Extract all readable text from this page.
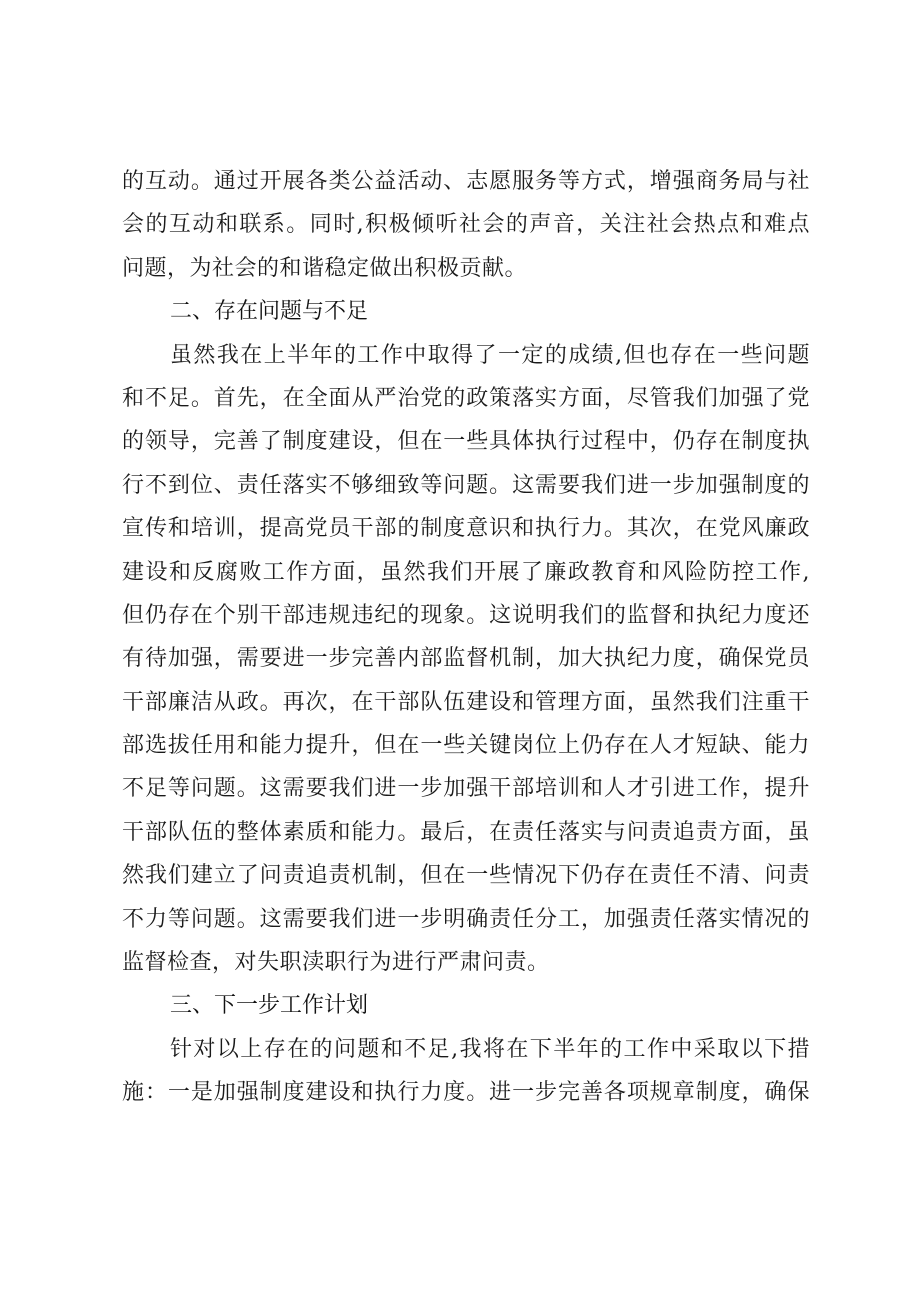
的互动。通过开展各类公益活动、志愿服务等方式，增强商务局与社
会的互动和联系。同时,积极倾听社会的声音，关注社会热点和难点
问题，为社会的和谐稳定做出积极贡献。
二、存在问题与不足
虽然我在上半年的工作中取得了一定的成绩,但也存在一些问题
和不足。首先，在全面从严治党的政策落实方面，尽管我们加强了党
的领导，完善了制度建设，但在一些具体执行过程中，仍存在制度执
行不到位、责任落实不够细致等问题。这需要我们进一步加强制度的
宣传和培训，提高党员干部的制度意识和执行力。其次，在党风廉政
建设和反腐败工作方面，虽然我们开展了廉政教育和风险防控工作,
但仍存在个别干部违规违纪的现象。这说明我们的监督和执纪力度还
有待加强，需要进一步完善内部监督机制，加大执纪力度，确保党员
干部廉洁从政。再次，在干部队伍建设和管理方面，虽然我们注重干
部选拔任用和能力提升，但在一些关键岗位上仍存在人才短缺、能力
不足等问题。这需要我们进一步加强干部培训和人才引进工作，提升
干部队伍的整体素质和能力。最后，在责任落实与问责追责方面，虽
然我们建立了问责追责机制，但在一些情况下仍存在责任不清、问责
不力等问题。这需要我们进一步明确责任分工，加强责任落实情况的
监督检查，对失职渎职行为进行严肃问责。
三、下一步工作计划
针对以上存在的问题和不足,我将在下半年的工作中采取以下措
施：一是加强制度建设和执行力度。进一步完善各项规章制度，确保
